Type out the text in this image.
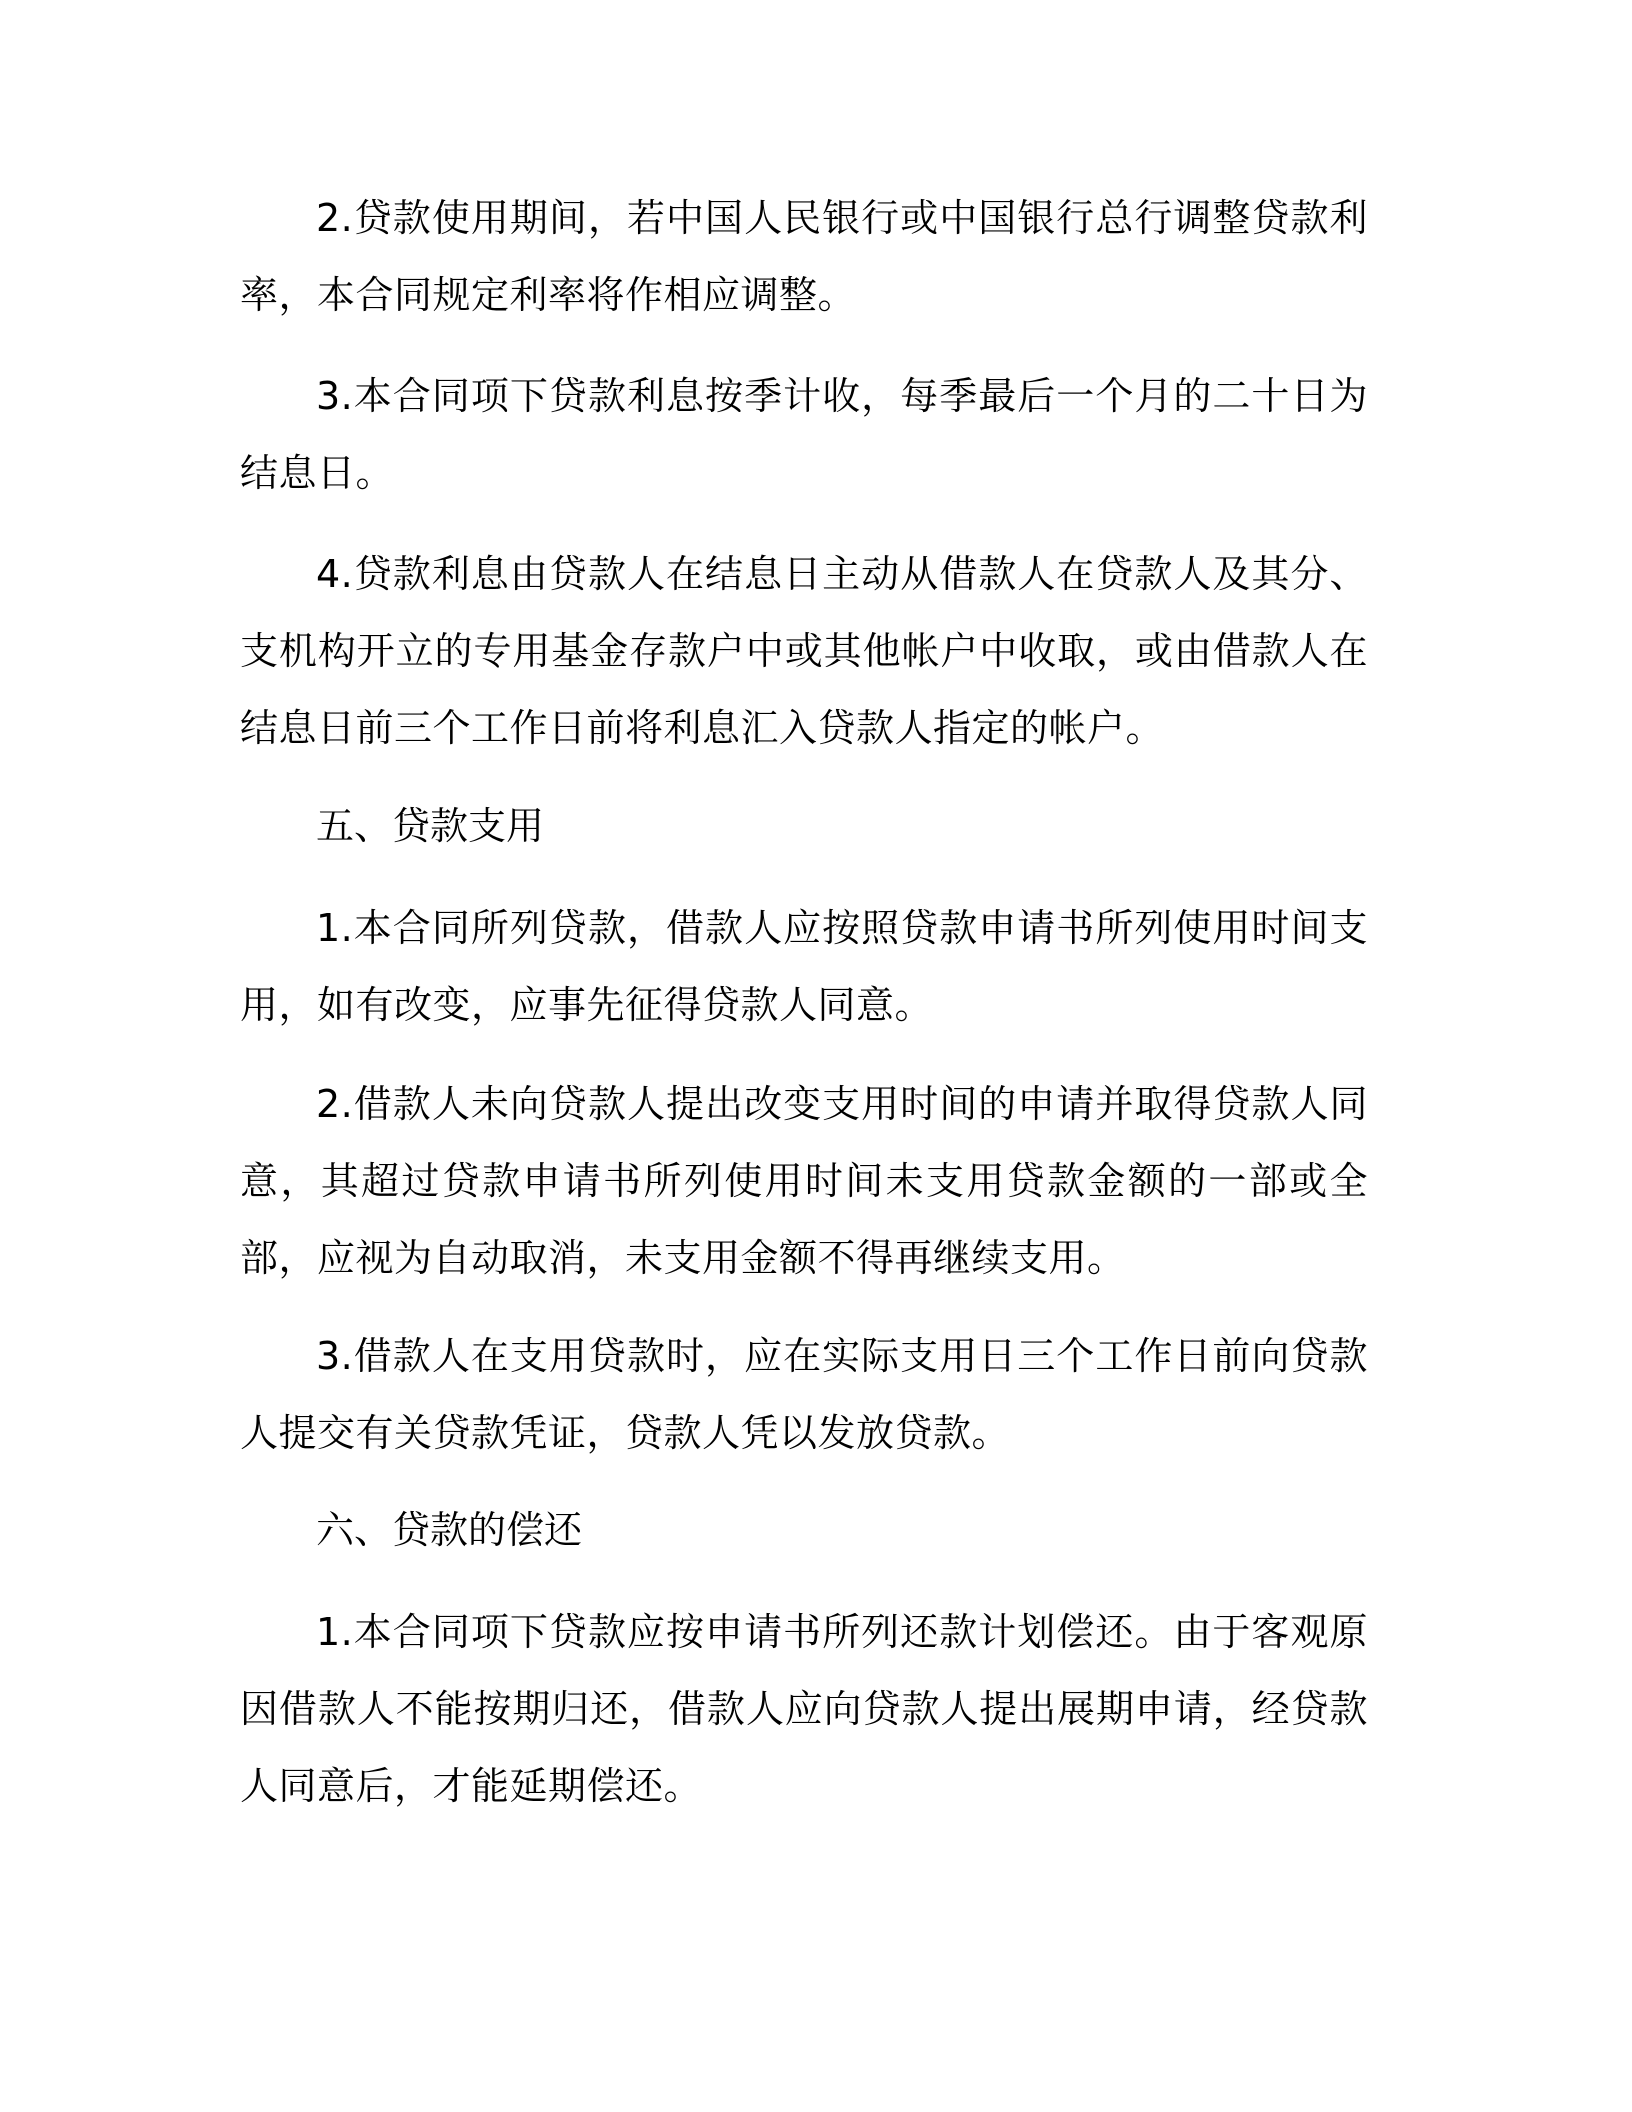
2.贷款使用期间，若中国人民银行或中国银行总行调整贷款利率，本合同规定利率将作相应调整。

3.本合同项下贷款利息按季计收，每季最后一个月的二十日为结息日。

4.贷款利息由贷款人在结息日主动从借款人在贷款人及其分、支机构开立的专用基金存款户中或其他帐户中收取，或由借款人在结息日前三个工作日前将利息汇入贷款人指定的帐户。

五、贷款支用

1.本合同所列贷款，借款人应按照贷款申请书所列使用时间支用，如有改变，应事先征得贷款人同意。

2.借款人未向贷款人提出改变支用时间的申请并取得贷款人同意，其超过贷款申请书所列使用时间未支用贷款金额的一部或全部，应视为自动取消，未支用金额不得再继续支用。

3.借款人在支用贷款时，应在实际支用日三个工作日前向贷款人提交有关贷款凭证，贷款人凭以发放贷款。

六、贷款的偿还

1.本合同项下贷款应按申请书所列还款计划偿还。由于客观原因借款人不能按期归还，借款人应向贷款人提出展期申请，经贷款人同意后，才能延期偿还。
